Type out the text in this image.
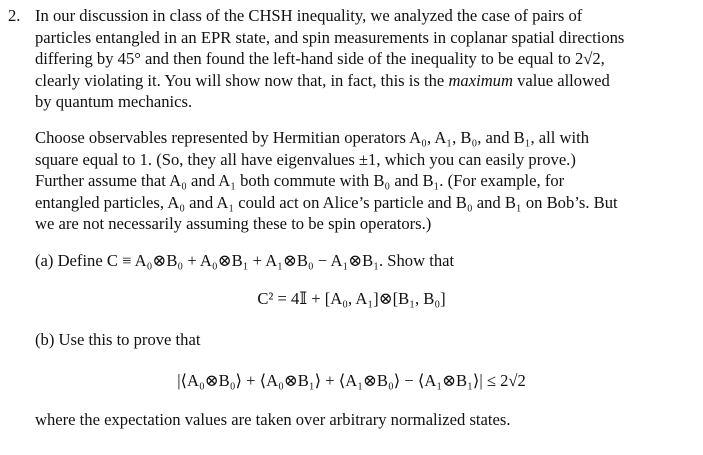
2. In our discussion in class of the CHSH inequality, we analyzed the case of pairs of
particles entangled in an EPR state, and spin measurements in coplanar spatial directions
differing by 45° and then found the left-hand side of the inequality to be equal to 2√2,
clearly violating it. You will show now that, in fact, this is the maximum value allowed
by quantum mechanics.
Choose observables represented by Hermitian operators A₀, A₁, B₀, and B₁, all with
square equal to 1. (So, they all have eigenvalues ±1, which you can easily prove.)
Further assume that A₀ and A₁ both commute with B₀ and B₁. (For example, for
entangled particles, A₀ and A₁ could act on Alice’s particle and B₀ and B₁ on Bob’s. But
we are not necessarily assuming these to be spin operators.)
(a) Define C ≡ A₀⊗B₀ + A₀⊗B₁ + A₁⊗B₀ − A₁⊗B₁. Show that
C² = 4𝕀 + [A₀, A₁]⊗[B₁, B₀]
(b) Use this to prove that
|⟨A₀⊗B₀⟩ + ⟨A₀⊗B₁⟩ + ⟨A₁⊗B₀⟩ − ⟨A₁⊗B₁⟩| ≤ 2√2
where the expectation values are taken over arbitrary normalized states.
